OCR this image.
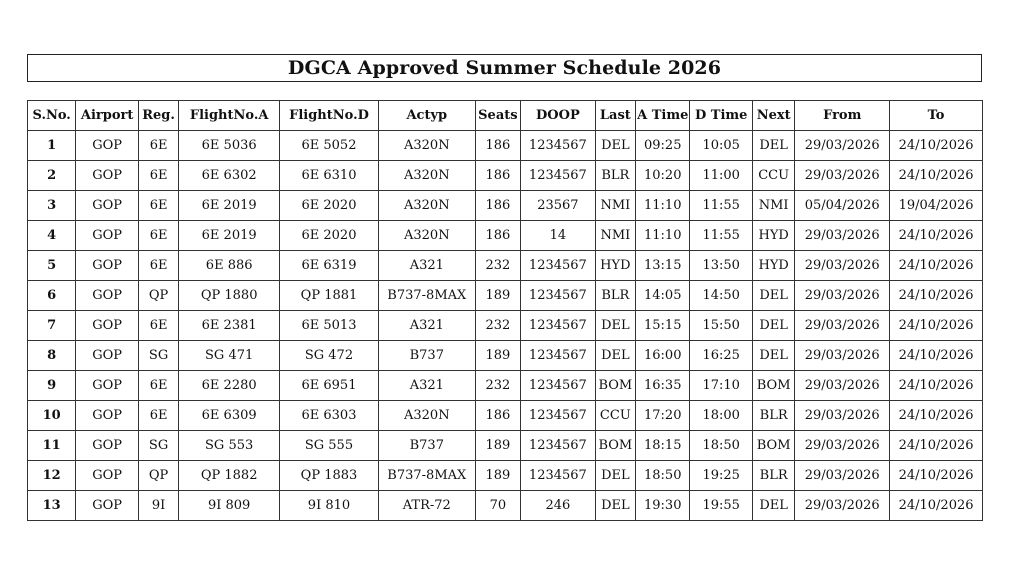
DGCA Approved Summer Schedule 2026
S.No.	Airport	Reg.	FlightNo.A	FlightNo.D	Actyp	Seats	DOOP	Last	A Time	D Time	Next	From	To
1	GOP	6E	6E 5036	6E 5052	A320N	186	1234567	DEL	09:25	10:05	DEL	29/03/2026	24/10/2026
2	GOP	6E	6E 6302	6E 6310	A320N	186	1234567	BLR	10:20	11:00	CCU	29/03/2026	24/10/2026
3	GOP	6E	6E 2019	6E 2020	A320N	186	23567	NMI	11:10	11:55	NMI	05/04/2026	19/04/2026
4	GOP	6E	6E 2019	6E 2020	A320N	186	14	NMI	11:10	11:55	HYD	29/03/2026	24/10/2026
5	GOP	6E	6E 886	6E 6319	A321	232	1234567	HYD	13:15	13:50	HYD	29/03/2026	24/10/2026
6	GOP	QP	QP 1880	QP 1881	B737-8MAX	189	1234567	BLR	14:05	14:50	DEL	29/03/2026	24/10/2026
7	GOP	6E	6E 2381	6E 5013	A321	232	1234567	DEL	15:15	15:50	DEL	29/03/2026	24/10/2026
8	GOP	SG	SG 471	SG 472	B737	189	1234567	DEL	16:00	16:25	DEL	29/03/2026	24/10/2026
9	GOP	6E	6E 2280	6E 6951	A321	232	1234567	BOM	16:35	17:10	BOM	29/03/2026	24/10/2026
10	GOP	6E	6E 6309	6E 6303	A320N	186	1234567	CCU	17:20	18:00	BLR	29/03/2026	24/10/2026
11	GOP	SG	SG 553	SG 555	B737	189	1234567	BOM	18:15	18:50	BOM	29/03/2026	24/10/2026
12	GOP	QP	QP 1882	QP 1883	B737-8MAX	189	1234567	DEL	18:50	19:25	BLR	29/03/2026	24/10/2026
13	GOP	9I	9I 809	9I 810	ATR-72	70	246	DEL	19:30	19:55	DEL	29/03/2026	24/10/2026
